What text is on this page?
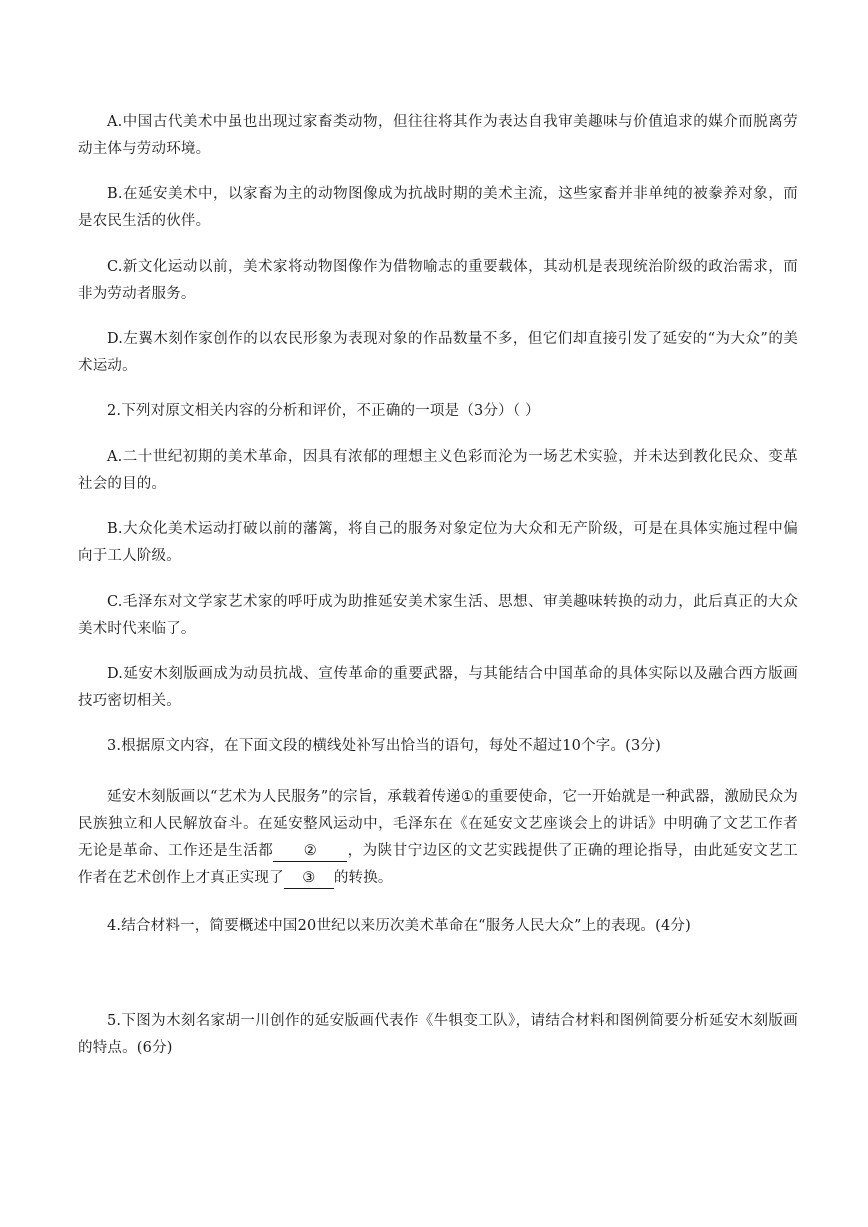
A.中国古代美术中虽也出现过家畜类动物，但往往将其作为表达自我审美趣味与价值追求的媒介而脱离劳动主体与劳动环境。

B.在延安美术中，以家畜为主的动物图像成为抗战时期的美术主流，这些家畜并非单纯的被豢养对象，而是农民生活的伙伴。

C.新文化运动以前，美术家将动物图像作为借物喻志的重要载体，其动机是表现统治阶级的政治需求，而非为劳动者服务。

D.左翼木刻作家创作的以农民形象为表现对象的作品数量不多，但它们却直接引发了延安的“为大众”的美术运动。

2.下列对原文相关内容的分析和评价，不正确的一项是（3分）（ ）

A.二十世纪初期的美术革命，因具有浓郁的理想主义色彩而沦为一场艺术实验，并未达到教化民众、变革社会的目的。

B.大众化美术运动打破以前的藩篱，将自己的服务对象定位为大众和无产阶级，可是在具体实施过程中偏向于工人阶级。

C.毛泽东对文学家艺术家的呼吁成为助推延安美术家生活、思想、审美趣味转换的动力，此后真正的大众美术时代来临了。

D.延安木刻版画成为动员抗战、宣传革命的重要武器，与其能结合中国革命的具体实际以及融合西方版画技巧密切相关。

3.根据原文内容，在下面文段的横线处补写出恰当的语句，每处不超过10个字。(3分)

延安木刻版画以“艺术为人民服务”的宗旨，承载着传递①的重要使命，它一开始就是一种武器，激励民众为民族独立和人民解放奋斗。在延安整风运动中，毛泽东在《在延安文艺座谈会上的讲话》中明确了文艺工作者无论是革命、工作还是生活都 ② ，为陕甘宁边区的文艺实践提供了正确的理论指导，由此延安文艺工作者在艺术创作上才真正实现了 ③ 的转换。

4.结合材料一，简要概述中国20世纪以来历次美术革命在“服务人民大众”上的表现。(4分)

5.下图为木刻名家胡一川创作的延安版画代表作《牛犋变工队》，请结合材料和图例简要分析延安木刻版画的特点。(6分)
